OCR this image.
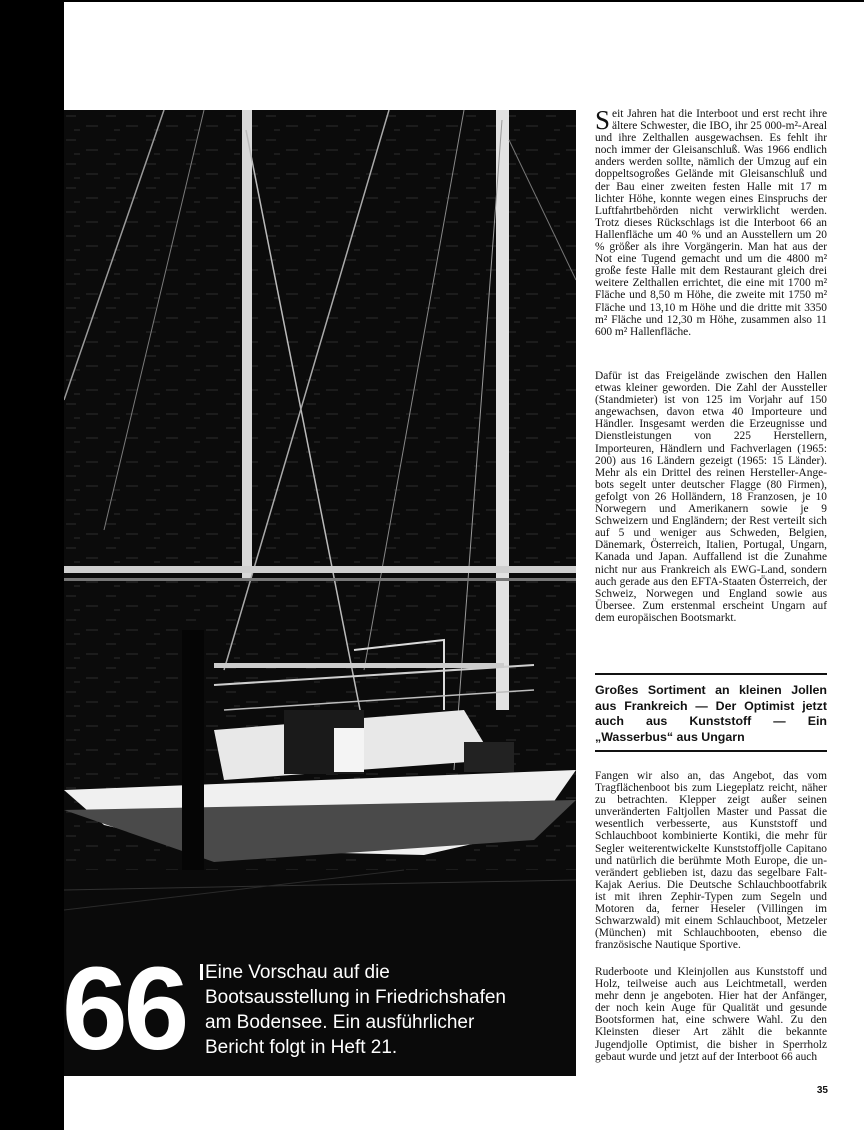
66	Eine Vorschau auf die
Bootsausstellung in Friedrichshafen
am Bodensee. Ein ausführlicher
Bericht folgt in Heft 21.
S eit Jahren hat die Interboot und erst recht ihre ältere Schwester, die IBO, ihr 25 000-m²-Areal und ihre Zelthallen ausgewachsen. Es fehlt ihr noch immer der Gleisanschluß. Was 1966 endlich anders werden sollte, nämlich der Umzug auf ein doppeltsogroßes Gelände mit Gleisanschluß und der Bau einer zweiten festen Halle mit 17 m lichter Höhe, konnte wegen eines Einspruchs der Luftfahrtbehörden nicht verwirklicht werden. Trotz dieses Rückschlags ist die Interboot 66 an Hallenfläche um 40 % und an Ausstellern um 20 % größer als ihre Vorgängerin. Man hat aus der Not eine Tugend gemacht und um die 4800 m² große feste Halle mit dem Restaurant gleich drei weitere Zelthallen errichtet, die eine mit 1700 m² Fläche und 8,50 m Höhe, die zweite mit 1750 m² Fläche und 13,10 m Höhe und die dritte mit 3350 m² Fläche und 12,30 m Höhe, zusammen also 11 600 m² Hallenfläche.

Dafür ist das Freigelände zwischen den Hallen etwas kleiner geworden. Die Zahl der Aussteller (Standmieter) ist von 125 im Vorjahr auf 150 angewachsen, davon etwa 40 Importeure und Händler. Insgesamt werden die Erzeugnisse und Dienstleistungen von 225 Herstellern, Importeuren, Händlern und Fachverlagen (1965: 200) aus 16 Ländern gezeigt (1965: 15 Länder). Mehr als ein Drittel des reinen Hersteller-Angebots segelt unter deutscher Flagge (80 Firmen), gefolgt von 26 Holländern, 18 Franzosen, je 10 Norwegern und Amerikanern sowie je 9 Schweizern und Engländern; der Rest verteilt sich auf 5 und weniger aus Schweden, Belgien, Dänemark, Österreich, Italien, Portugal, Ungarn, Kanada und Japan. Auffallend ist die Zunahme nicht nur aus Frankreich als EWG-Land, sondern auch gerade aus den EFTA-Staaten Österreich, der Schweiz, Norwegen und England sowie aus Übersee. Zum erstenmal erscheint Ungarn auf dem europäischen Bootsmarkt.

Großes Sortiment an kleinen Jollen aus Frankreich — Der Optimist jetzt auch aus Kunststoff — Ein „Wasserbus“ aus Ungarn

Fangen wir also an, das Angebot, das vom Tragflächenboot bis zum Liegeplatz reicht, näher zu betrachten. Klepper zeigt außer seinen unveränderten Faltjollen Master und Passat die wesentlich verbesserte, aus Kunststoff und Schlauchboot kombinierte Kontiki, die mehr für Segler weiterentwickelte Kunststoffjolle Capitano und natürlich die berühmte Moth Europe, die unverändert geblieben ist, dazu das segelbare Falt-Kajak Aerius. Die Deutsche Schlauchbootfabrik ist mit ihren Zephir-Typen zum Segeln und Motoren da, ferner Heseler (Villingen im Schwarzwald) mit einem Schlauchboot, Metzeler (München) mit Schlauchbooten, ebenso die französische Nautique Sportive.

Ruderboote und Kleinjollen aus Kunststoff und Holz, teilweise auch aus Leichtmetall, werden mehr denn je angeboten. Hier hat der Anfänger, der noch kein Auge für Qualität und gesunde Bootsformen hat, eine schwere Wahl. Zu den Kleinsten dieser Art zählt die bekannte Jugendjolle Optimist, die bisher in Sperrholz gebaut wurde und jetzt auf der Interboot 66 auch

35
